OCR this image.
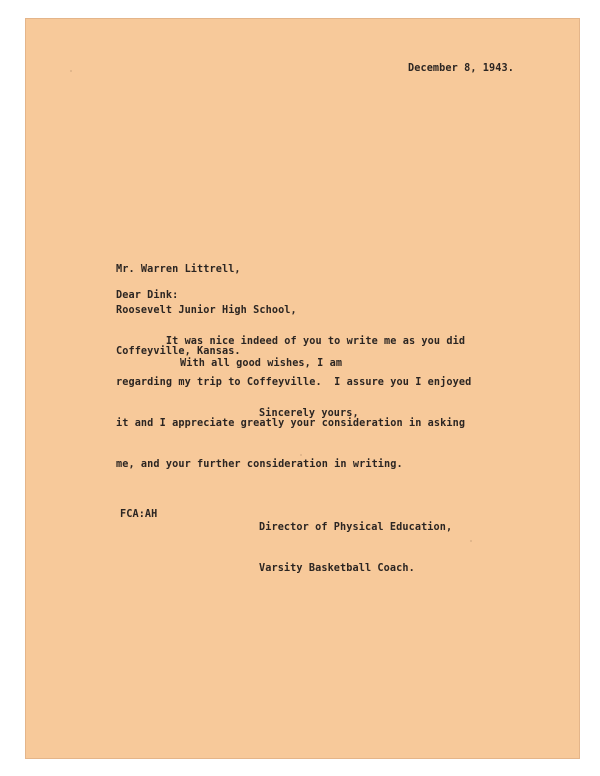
December 8, 1943.

Mr. Warren Littrell,

Roosevelt Junior High School,

Coffeyville, Kansas.

Dear Dink:

It was nice indeed of you to write me as you did

regarding my trip to Coffeyville.  I assure you I enjoyed

it and I appreciate greatly your consideration in asking

me, and your further consideration in writing.

With all good wishes, I am
Sincerely yours,

Director of Physical Education,

Varsity Basketball Coach.

FCA:AH
